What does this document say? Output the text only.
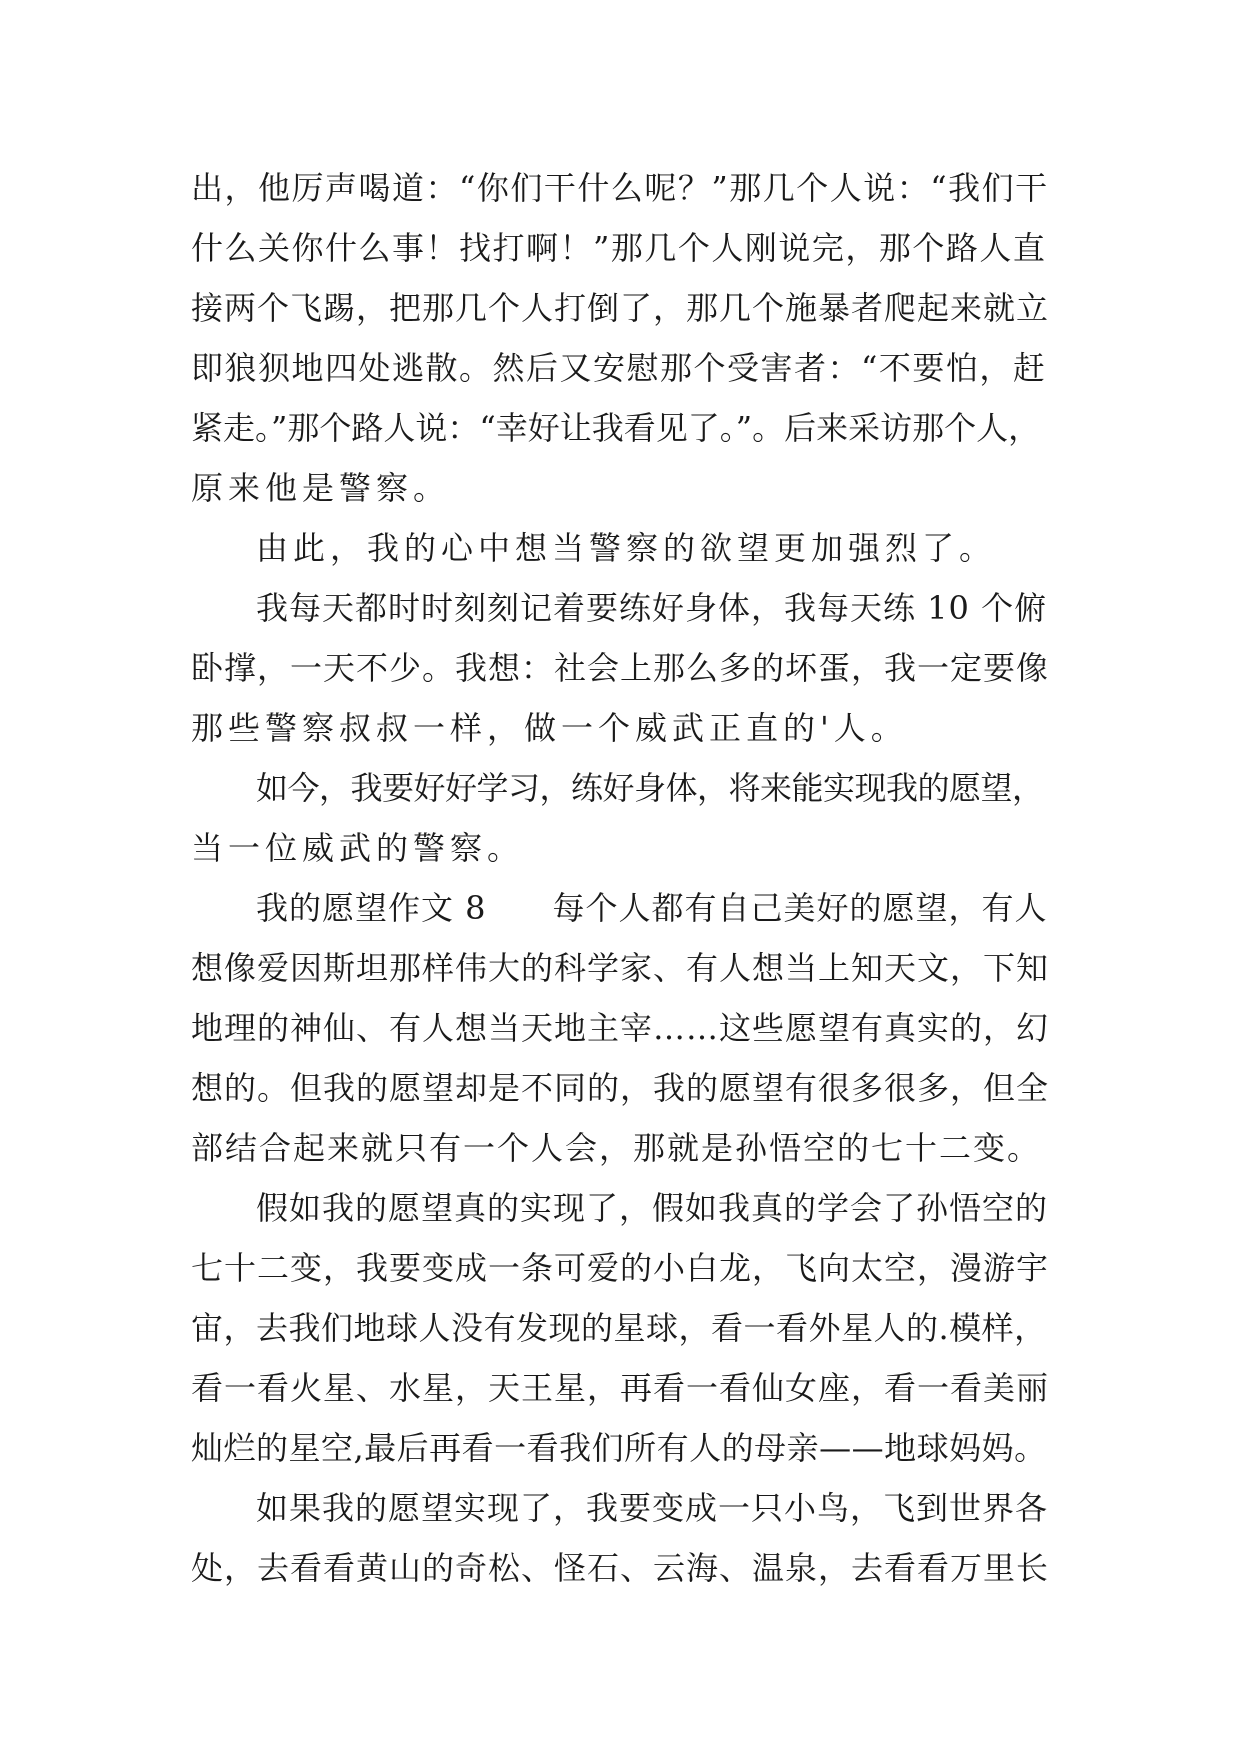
出，他厉声喝道：“你们干什么呢？”那几个人说：“我们干
什么关你什么事！找打啊！”那几个人刚说完，那个路人直
接两个飞踢，把那几个人打倒了，那几个施暴者爬起来就立
即狼狈地四处逃散。然后又安慰那个受害者：“不要怕，赶
紧走。”那个路人说：“幸好让我看见了。”。后来采访那个人，
原来他是警察。
由此，我的心中想当警察的欲望更加强烈了。
我每天都时时刻刻记着要练好身体，我每天练 10 个俯
卧撑，一天不少。我想：社会上那么多的坏蛋，我一定要像
那些警察叔叔一样，做一个威武正直的'人。
如今，我要好好学习，练好身体，将来能实现我的愿望，
当一位威武的警察。
我的愿望作文 8　　每个人都有自己美好的愿望，有人
想像爱因斯坦那样伟大的科学家、有人想当上知天文，下知
地理的神仙、有人想当天地主宰……这些愿望有真实的，幻
想的。但我的愿望却是不同的，我的愿望有很多很多，但全
部结合起来就只有一个人会，那就是孙悟空的七十二变。
假如我的愿望真的实现了，假如我真的学会了孙悟空的
七十二变，我要变成一条可爱的小白龙，飞向太空，漫游宇
宙，去我们地球人没有发现的星球，看一看外星人的.模样，
看一看火星、水星，天王星，再看一看仙女座，看一看美丽
灿烂的星空,最后再看一看我们所有人的母亲——地球妈妈。
如果我的愿望实现了，我要变成一只小鸟，飞到世界各
处，去看看黄山的奇松、怪石、云海、温泉，去看看万里长
